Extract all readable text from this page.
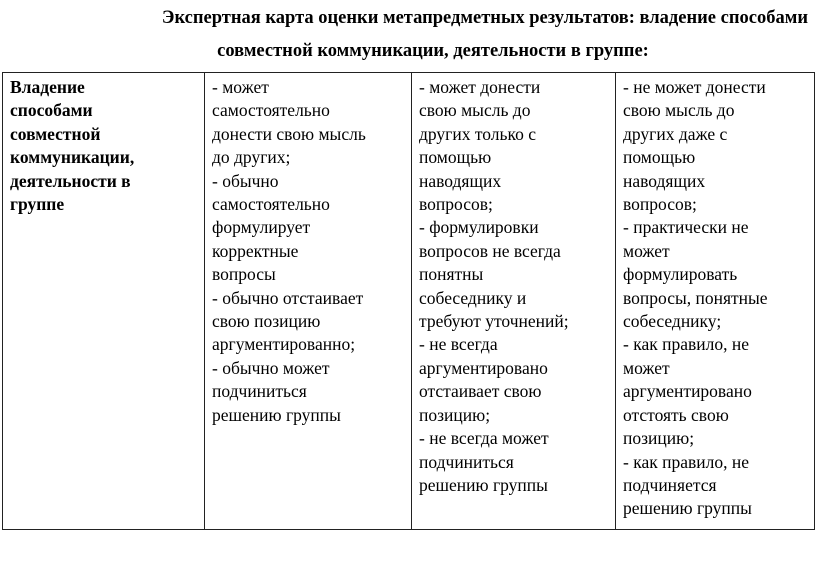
Экспертная карта оценки метапредметных результатов: владение способами
совместной коммуникации, деятельности в группе:
Владение
способами
совместной
коммуникации,
деятельности в
группе

- может
самостоятельно
донести свою мысль
до других;
- обычно
самостоятельно
формулирует
корректные
вопросы
- обычно отстаивает
свою позицию
аргументированно;
- обычно может
подчиниться
решению группы

- может донести
свою мысль до
других только с
помощью
наводящих
вопросов;
- формулировки
вопросов не всегда
понятны
собеседнику и
требуют уточнений;
- не всегда
аргументировано
отстаивает свою
позицию;
- не всегда может
подчиниться
решению группы

- не может донести
свою мысль до
других даже с
помощью
наводящих
вопросов;
- практически не
может
формулировать
вопросы, понятные
собеседнику;
- как правило, не
может
аргументировано
отстоять свою
позицию;
- как правило, не
подчиняется
решению группы
